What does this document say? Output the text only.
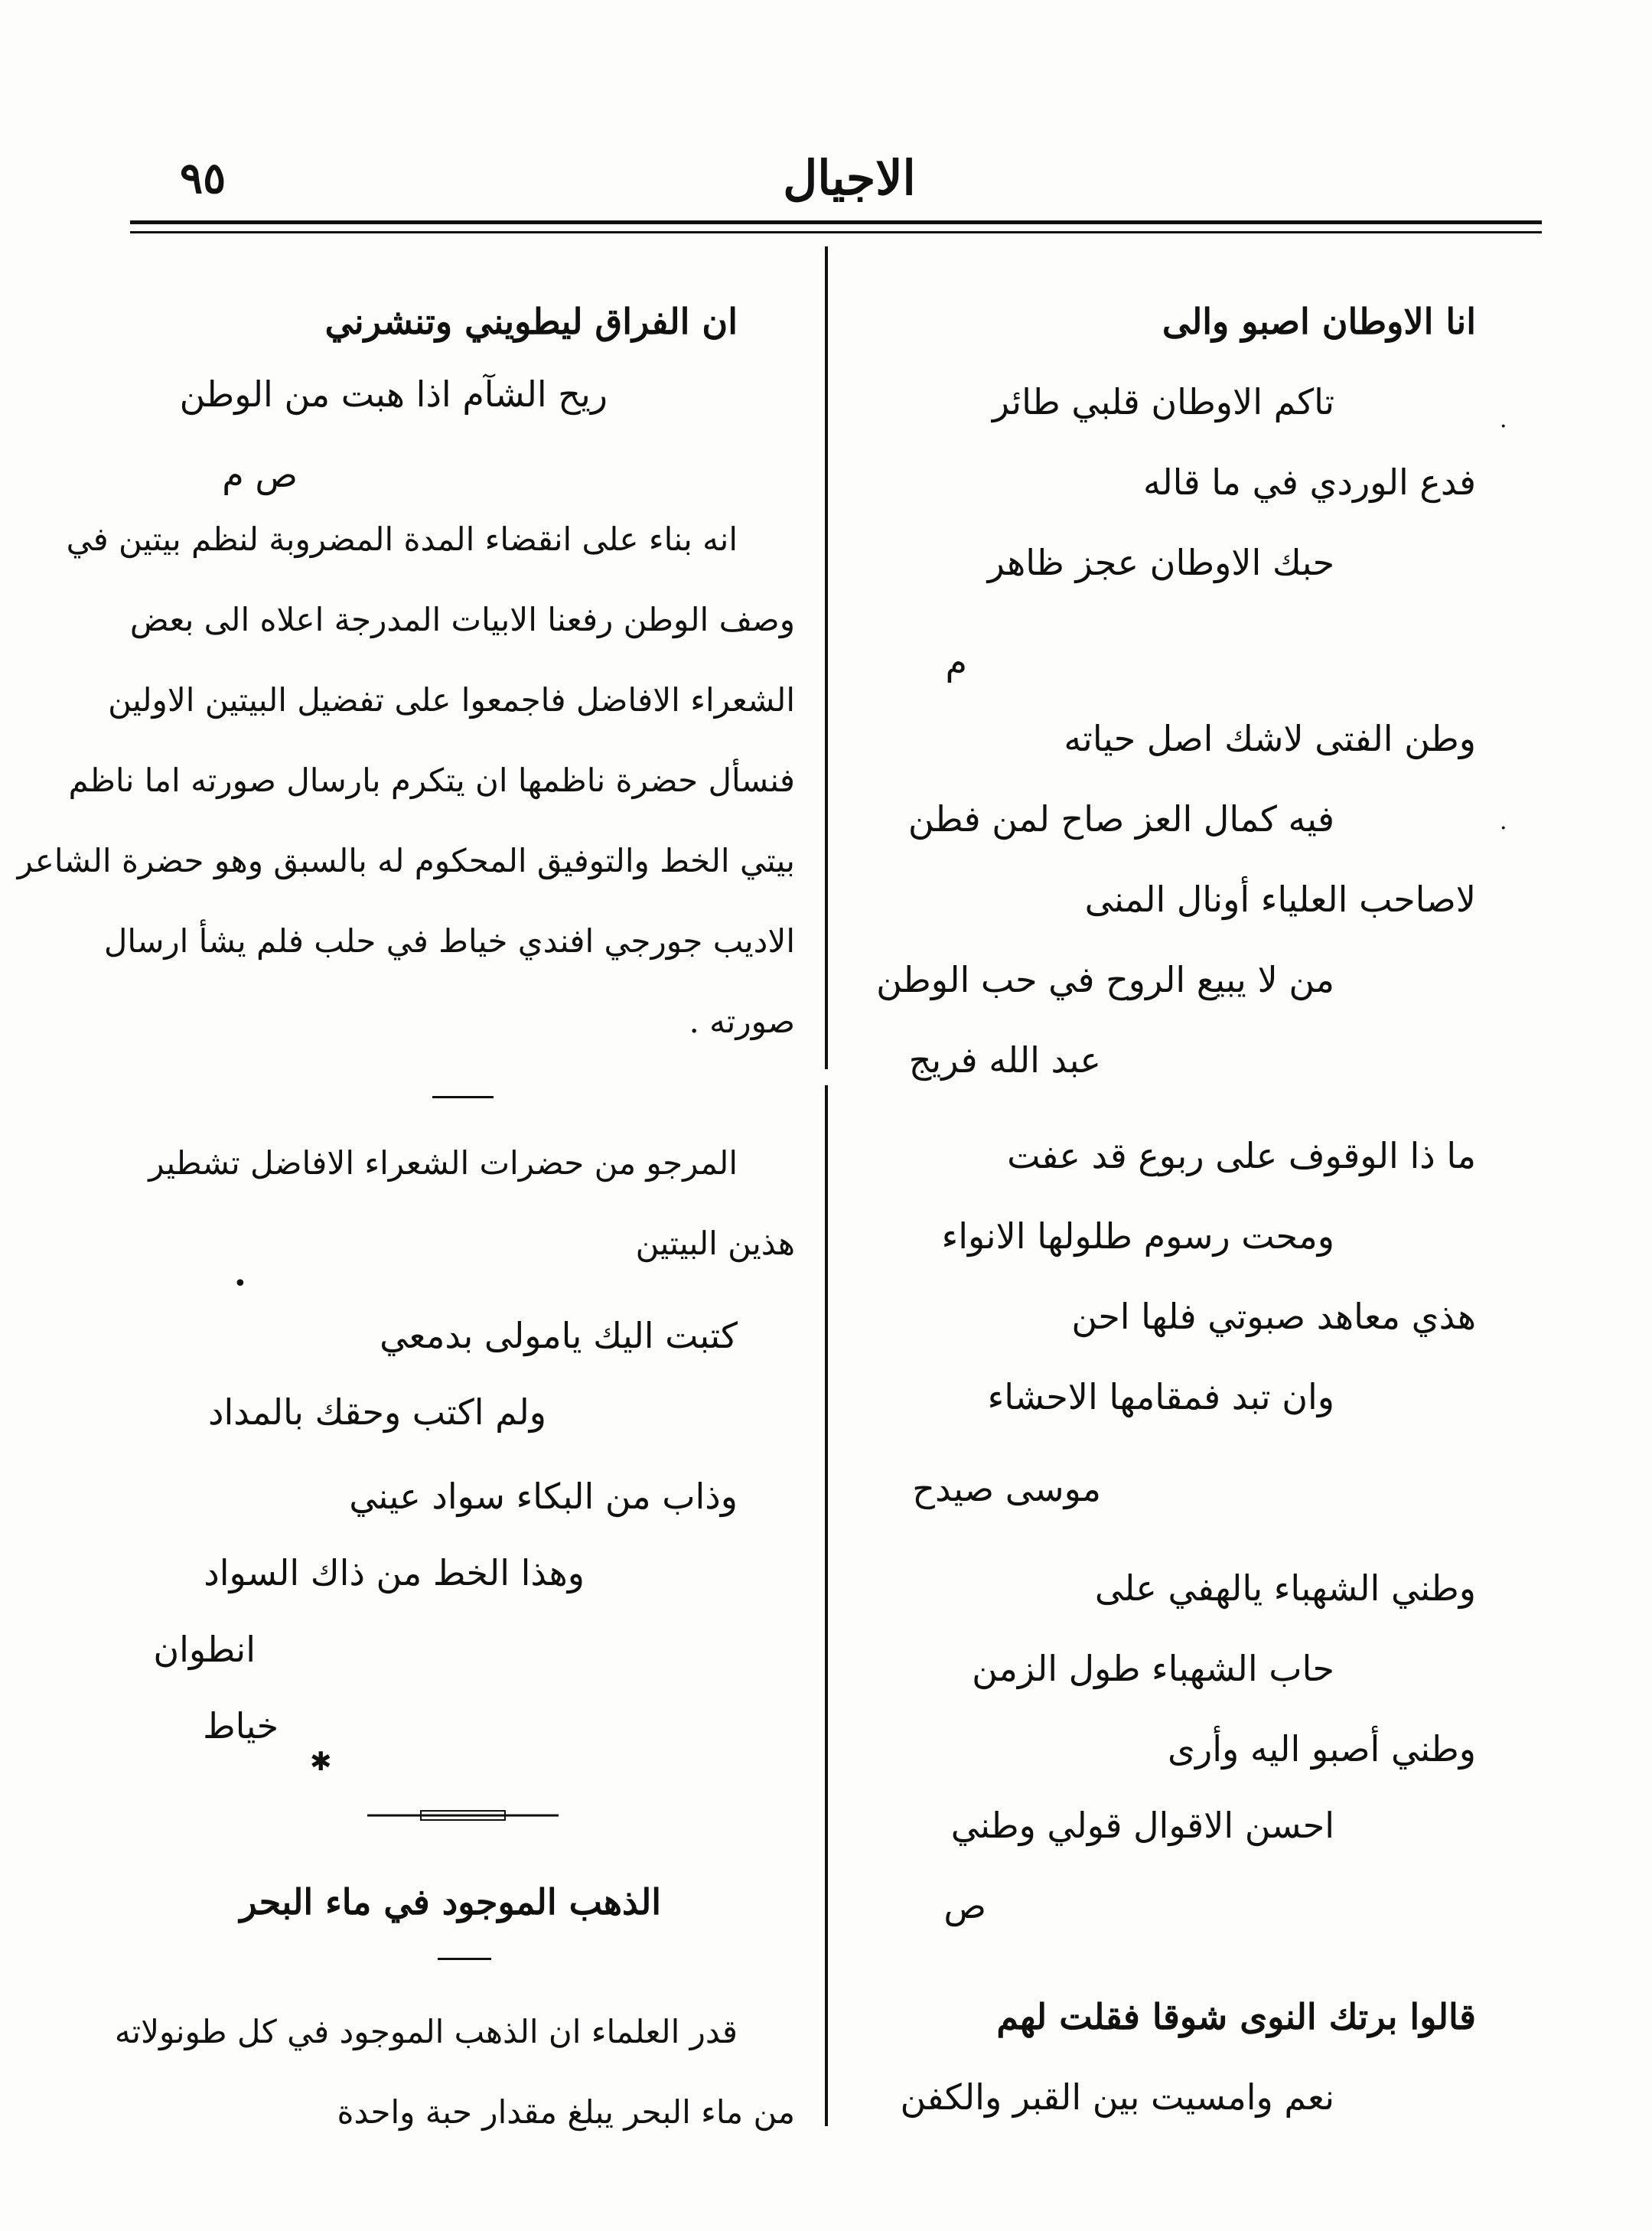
٩٥	الاجيال
انا الاوطان اصبو والى
تاكم الاوطان قلبي طائر
فدع الوردي في ما قاله
حبك الاوطان عجز ظاهر
م
وطن الفتى لاشك اصل حياته
فيه كمال العز صاح لمن فطن
لاصاحب العلياء أونال المنى
من لا يبيع الروح في حب الوطن
عبد الله فريج
ما ذا الوقوف على ربوع قد عفت
ومحت رسوم طلولها الانواء
هذي معاهد صبوتي فلها احن
وان تبد فمقامها الاحشاء
موسى صيدح
وطني الشهباء يالهفي على
حاب الشهباء طول الزمن
وطني أصبو اليه وأرى
احسن الاقوال قولي وطني
ص
قالوا برتك النوى شوقا فقلت لهم
نعم وامسيت بين القبر والكفن
ان الفراق ليطويني وتنشرني
ريح الشآم اذا هبت من الوطن
ص م
انه بناء على انقضاء المدة المضروبة لنظم بيتين في
وصف الوطن رفعنا الابيات المدرجة اعلاه الى بعض
الشعراء الافاضل فاجمعوا على تفضيل البيتين الاولين
فنسأل حضرة ناظمها ان يتكرم بارسال صورته اما ناظم
بيتي الخط والتوفيق المحكوم له بالسبق وهو حضرة الشاعر
الاديب جورجي افندي خياط في حلب فلم يشأ ارسال
صورته .
المرجو من حضرات الشعراء الافاضل تشطير
هذين البيتين
كتبت اليك يامولى بدمعي
ولم اكتب وحقك بالمداد
وذاب من البكاء سواد عيني
وهذا الخط من ذاك السواد
انطوان
خياط
✱
الذهب الموجود في ماء البحر
قدر العلماء ان الذهب الموجود في كل طونولاته
من ماء البحر يبلغ مقدار حبة واحدة
·
·
•
